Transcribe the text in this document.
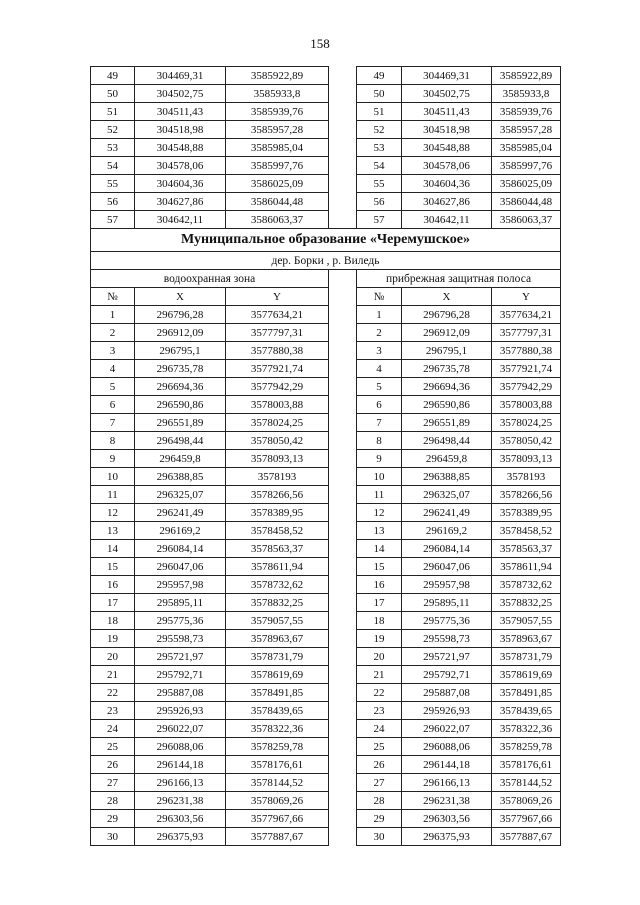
158
49	304469,31	3585922,89		49	304469,31	3585922,89
50	304502,75	3585933,8		50	304502,75	3585933,8
51	304511,43	3585939,76		51	304511,43	3585939,76
52	304518,98	3585957,28		52	304518,98	3585957,28
53	304548,88	3585985,04		53	304548,88	3585985,04
54	304578,06	3585997,76		54	304578,06	3585997,76
55	304604,36	3586025,09		55	304604,36	3586025,09
56	304627,86	3586044,48		56	304627,86	3586044,48
57	304642,11	3586063,37		57	304642,11	3586063,37
Муниципальное образование «Черемушское»						
дер. Борки , р. Виледь						
водоохранная зона				прибрежная защитная полоса		
№	X	Y		№	X	Y
1	296796,28	3577634,21		1	296796,28	3577634,21
2	296912,09	3577797,31		2	296912,09	3577797,31
3	296795,1	3577880,38		3	296795,1	3577880,38
4	296735,78	3577921,74		4	296735,78	3577921,74
5	296694,36	3577942,29		5	296694,36	3577942,29
6	296590,86	3578003,88		6	296590,86	3578003,88
7	296551,89	3578024,25		7	296551,89	3578024,25
8	296498,44	3578050,42		8	296498,44	3578050,42
9	296459,8	3578093,13		9	296459,8	3578093,13
10	296388,85	3578193		10	296388,85	3578193
11	296325,07	3578266,56		11	296325,07	3578266,56
12	296241,49	3578389,95		12	296241,49	3578389,95
13	296169,2	3578458,52		13	296169,2	3578458,52
14	296084,14	3578563,37		14	296084,14	3578563,37
15	296047,06	3578611,94		15	296047,06	3578611,94
16	295957,98	3578732,62		16	295957,98	3578732,62
17	295895,11	3578832,25		17	295895,11	3578832,25
18	295775,36	3579057,55		18	295775,36	3579057,55
19	295598,73	3578963,67		19	295598,73	3578963,67
20	295721,97	3578731,79		20	295721,97	3578731,79
21	295792,71	3578619,69		21	295792,71	3578619,69
22	295887,08	3578491,85		22	295887,08	3578491,85
23	295926,93	3578439,65		23	295926,93	3578439,65
24	296022,07	3578322,36		24	296022,07	3578322,36
25	296088,06	3578259,78		25	296088,06	3578259,78
26	296144,18	3578176,61		26	296144,18	3578176,61
27	296166,13	3578144,52		27	296166,13	3578144,52
28	296231,38	3578069,26		28	296231,38	3578069,26
29	296303,56	3577967,66		29	296303,56	3577967,66
30	296375,93	3577887,67		30	296375,93	3577887,67
